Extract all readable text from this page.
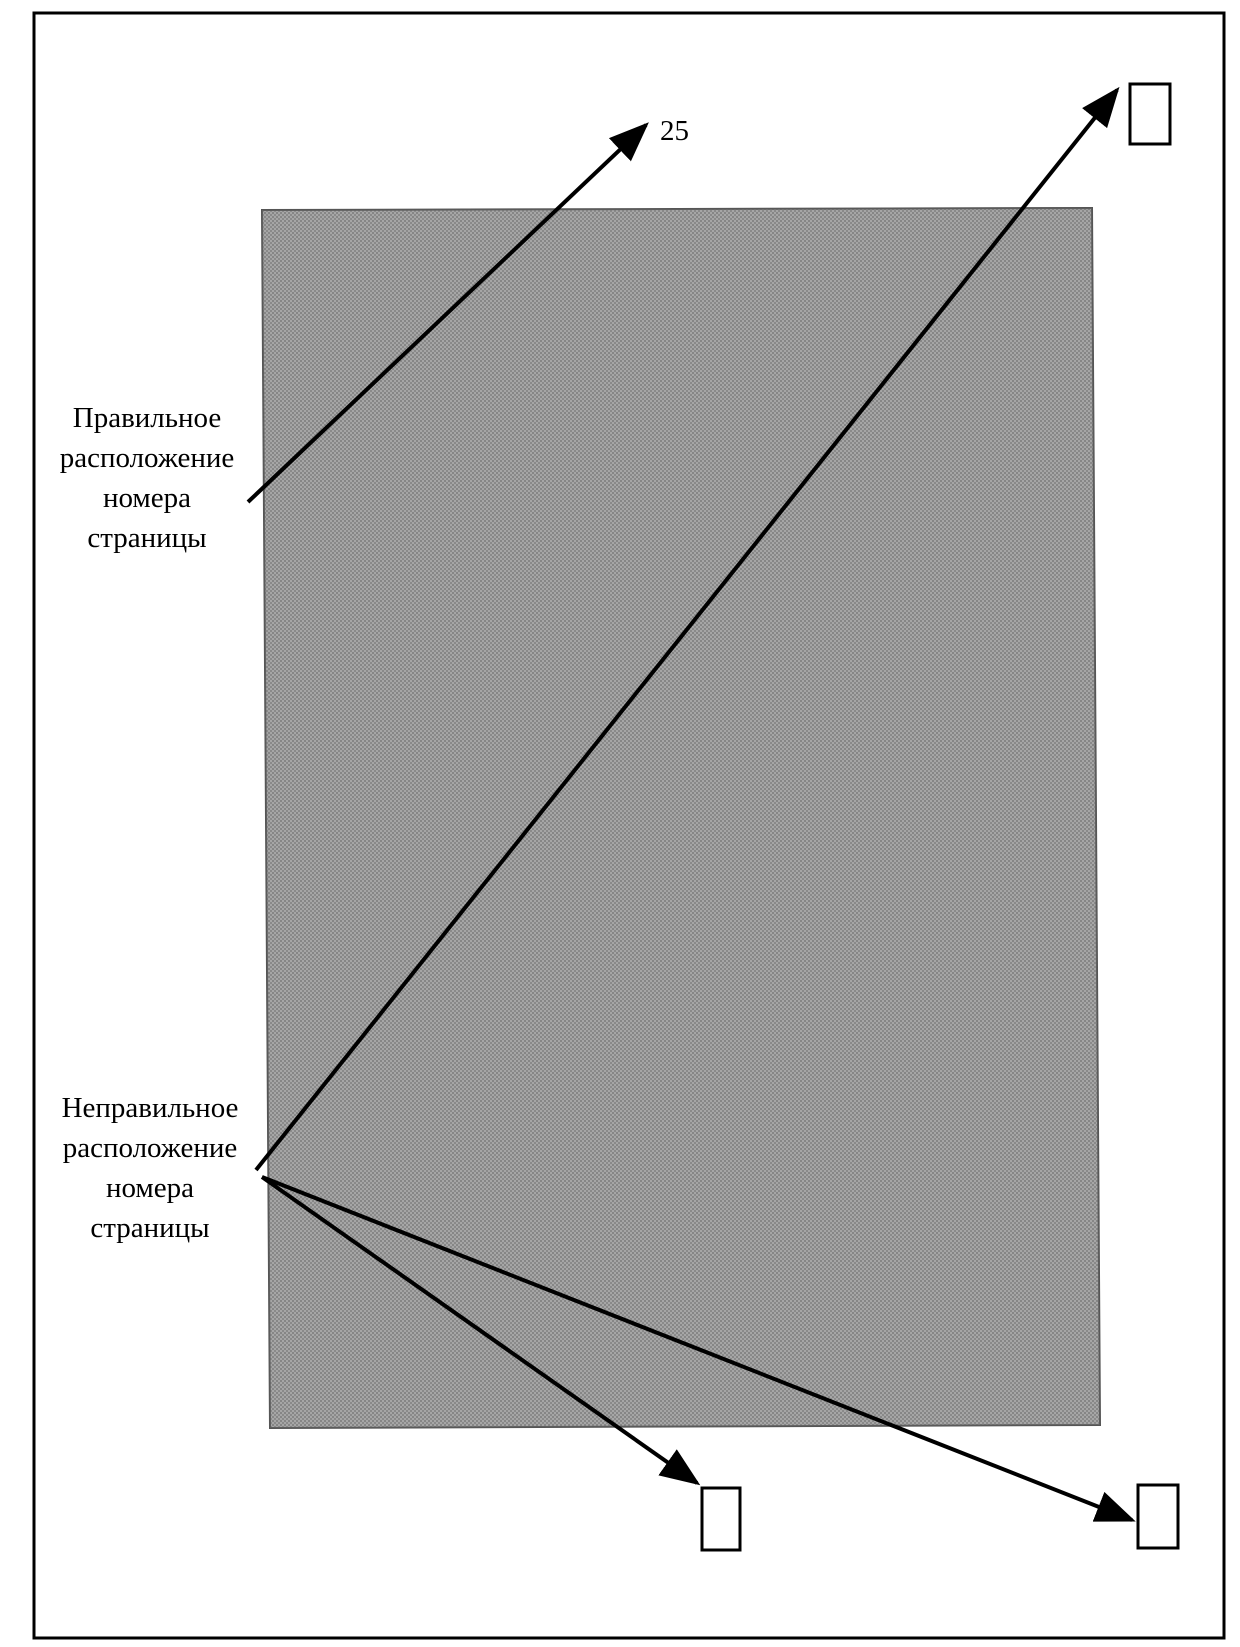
25
Правильное
расположение
номера
страницы
Неправильное
расположение
номера
страницы
